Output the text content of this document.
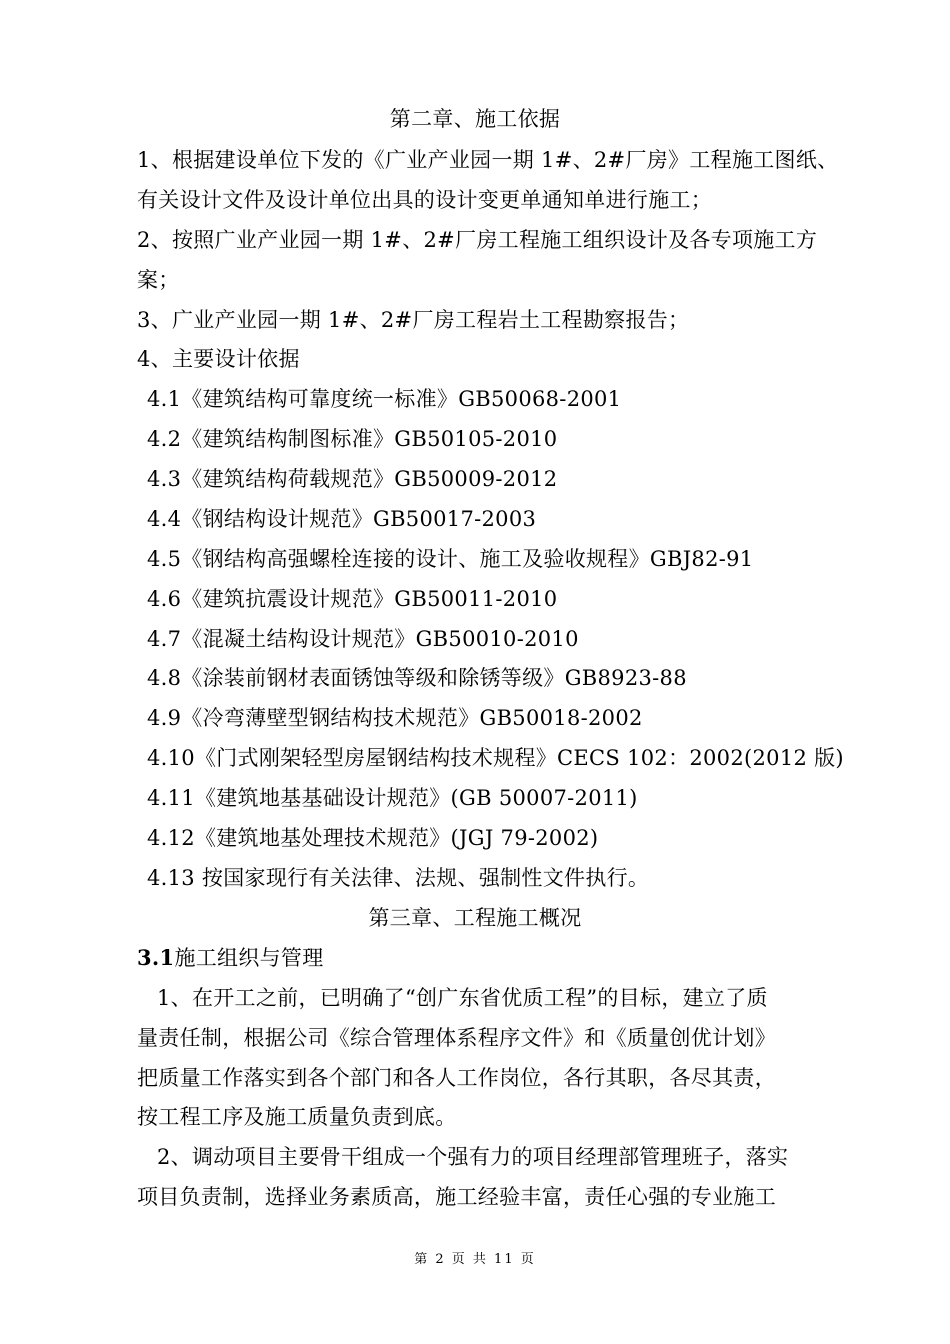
第二章、施工依据
1、根据建设单位下发的《广业产业园一期 1#、2#厂房》工程施工图纸、
有关设计文件及设计单位出具的设计变更单通知单进行施工；
2、按照广业产业园一期 1#、2#厂房工程施工组织设计及各专项施工方
案；
3、广业产业园一期 1#、2#厂房工程岩土工程勘察报告；
4、主要设计依据
4.1《建筑结构可靠度统一标准》GB50068-2001
4.2《建筑结构制图标准》GB50105-2010
4.3《建筑结构荷载规范》GB50009-2012
4.4《钢结构设计规范》GB50017-2003
4.5《钢结构高强螺栓连接的设计、施工及验收规程》GBJ82-91
4.6《建筑抗震设计规范》GB50011-2010
4.7《混凝土结构设计规范》GB50010-2010
4.8《涂装前钢材表面锈蚀等级和除锈等级》GB8923-88
4.9《冷弯薄壁型钢结构技术规范》GB50018-2002
4.10《门式刚架轻型房屋钢结构技术规程》CECS 102：2002(2012 版)
4.11《建筑地基基础设计规范》(GB 50007-2011)
4.12《建筑地基处理技术规范》(JGJ 79-2002)
4.13 按国家现行有关法律、法规、强制性文件执行。
第三章、工程施工概况
3.1施工组织与管理
1、在开工之前，已明确了“创广东省优质工程”的目标，建立了质
量责任制，根据公司《综合管理体系程序文件》和《质量创优计划》
把质量工作落实到各个部门和各人工作岗位，各行其职，各尽其责，
按工程工序及施工质量负责到底。
2、调动项目主要骨干组成一个强有力的项目经理部管理班子，落实
项目负责制，选择业务素质高，施工经验丰富，责任心强的专业施工
第 2 页 共 11 页
